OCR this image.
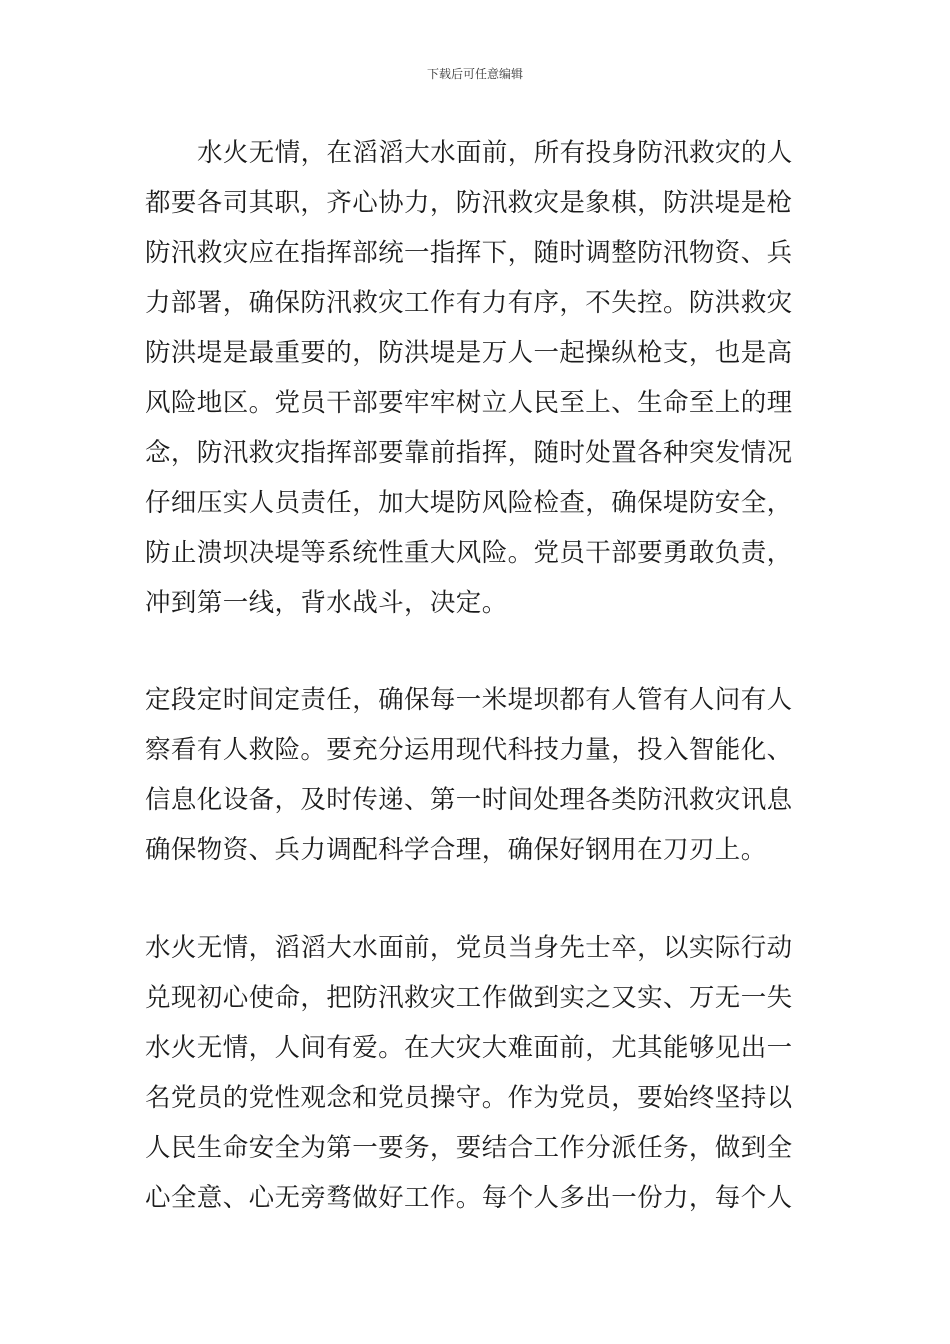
下载后可任意编辑
水火无情，在滔滔大水面前，所有投身防汛救灾的人
都要各司其职，齐心协力，防汛救灾是象棋，防洪堤是枪
防汛救灾应在指挥部统一指挥下，随时调整防汛物资、兵
力部署，确保防汛救灾工作有力有序，不失控。防洪救灾
防洪堤是最重要的，防洪堤是万人一起操纵枪支，也是高
风险地区。党员干部要牢牢树立人民至上、生命至上的理
念，防汛救灾指挥部要靠前指挥，随时处置各种突发情况
仔细压实人员责任，加大堤防风险检查，确保堤防安全，
防止溃坝决堤等系统性重大风险。党员干部要勇敢负责，
冲到第一线，背水战斗，决定。
定段定时间定责任，确保每一米堤坝都有人管有人问有人
察看有人救险。要充分运用现代科技力量，投入智能化、
信息化设备，及时传递、第一时间处理各类防汛救灾讯息
确保物资、兵力调配科学合理，确保好钢用在刀刃上。
水火无情，滔滔大水面前，党员当身先士卒，以实际行动
兑现初心使命，把防汛救灾工作做到实之又实、万无一失
水火无情，人间有爱。在大灾大难面前，尤其能够见出一
名党员的党性观念和党员操守。作为党员，要始终坚持以
人民生命安全为第一要务，要结合工作分派任务，做到全
心全意、心无旁骛做好工作。每个人多出一份力，每个人
